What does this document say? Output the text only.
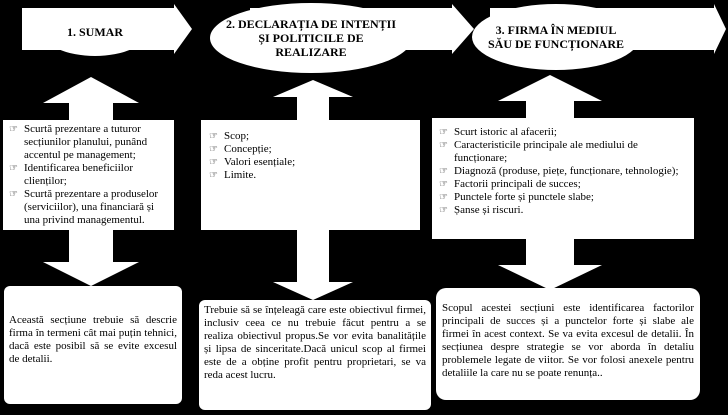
1. SUMAR
☞ Scurtă prezentare a tuturor secțiunilor planului, punând accentul pe management;
☞ Identificarea beneficiilor clienților;
☞ Scurtă prezentare a produselor (serviciilor), una financiară și una privind managementul.
Această secțiune trebuie să descrie firma în termeni cât mai puțin tehnici, dacă este posibil să se evite excesul de detalii.
2. DECLARAȚIA DE INTENȚII ȘI POLITICILE DE REALIZARE
☞ Scop;
☞ Concepție;
☞ Valori esențiale;
☞ Limite.
Trebuie să se înțeleagă care este obiectivul firmei, inclusiv ceea ce nu trebuie făcut pentru a se realiza obiectivul propus.Se vor evita banalitățile și lipsa de sinceritate.Dacă unicul scop al firmei este de a obține profit pentru proprietari, se va reda acest lucru.
3. FIRMA ÎN MEDIUL SĂU DE FUNCȚIONARE
☞ Scurt istoric al afacerii;
☞ Caracteristicile principale ale mediului de funcționare;
☞ Diagnoză (produse, piețe, funcționare, tehnologie);
☞ Factorii principali de succes;
☞ Punctele forte și punctele slabe;
☞ Șanse și riscuri.
Scopul acestei secțiuni este identificarea factorilor principali de succes și a punctelor forte și slabe ale firmei în acest context. Se va evita excesul de detalii. În secțiunea despre strategie se vor aborda în detaliu problemele legate de viitor. Se vor folosi anexele pentru detaliile la care nu se poate renunța..
